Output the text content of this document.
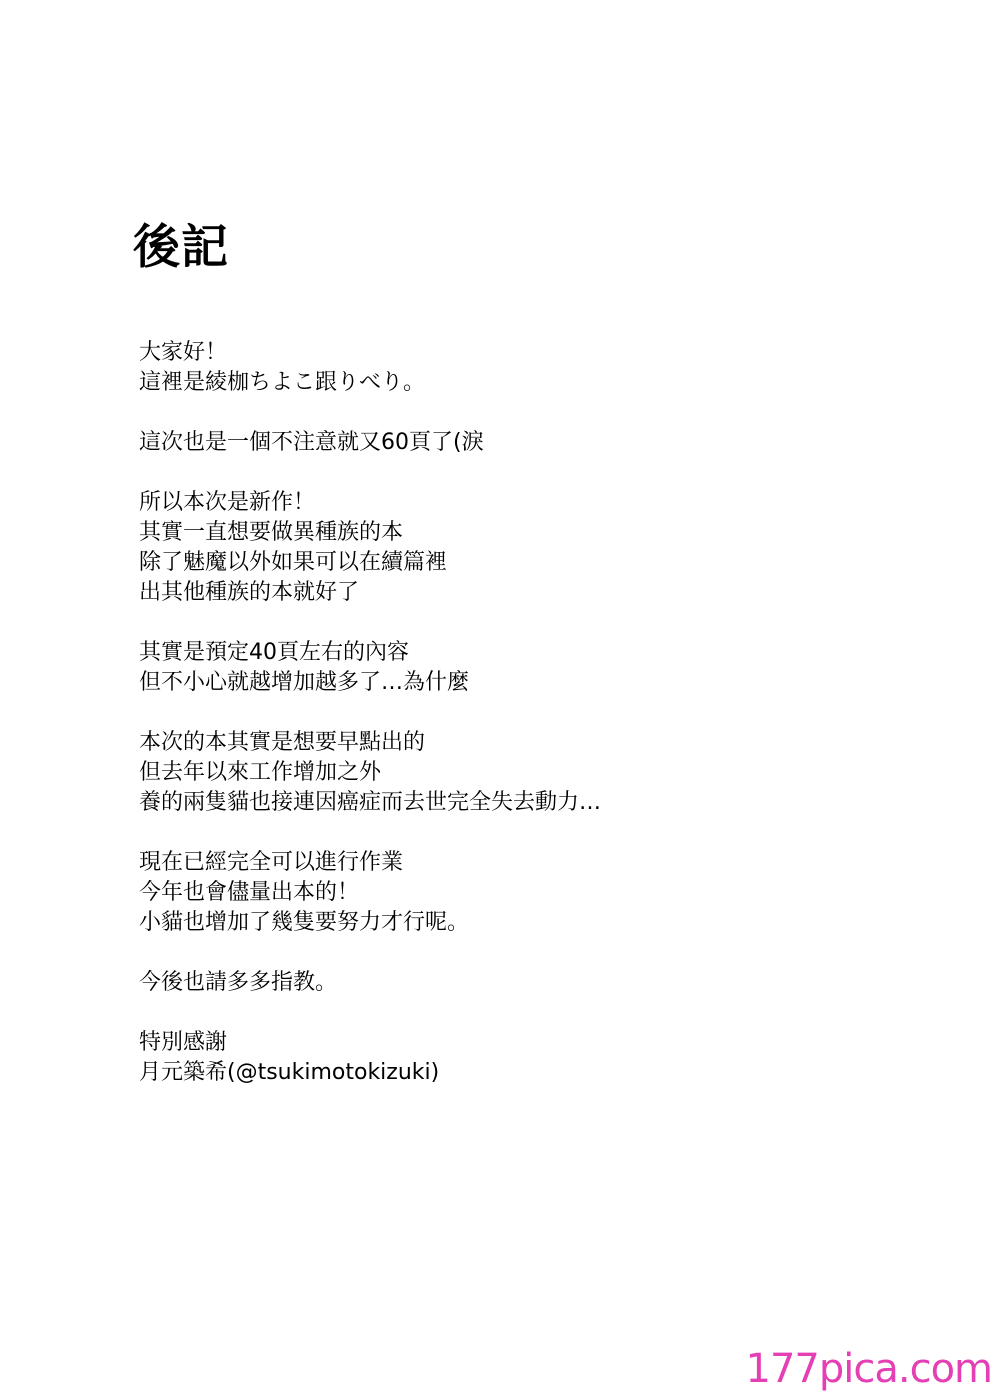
後記
大家好！
這裡是綾枷ちよこ跟りべり。
這次也是一個不注意就又60頁了(淚
所以本次是新作！
其實一直想要做異種族的本
除了魅魔以外如果可以在續篇裡
出其他種族的本就好了
其實是預定40頁左右的內容
但不小心就越增加越多了…為什麼
本次的本其實是想要早點出的
但去年以來工作增加之外
養的兩隻貓也接連因癌症而去世完全失去動力…
現在已經完全可以進行作業
今年也會儘量出本的！
小貓也增加了幾隻要努力才行呢。
今後也請多多指教。
特別感謝
月元築希(@tsukimotokizuki)
177pica.com
